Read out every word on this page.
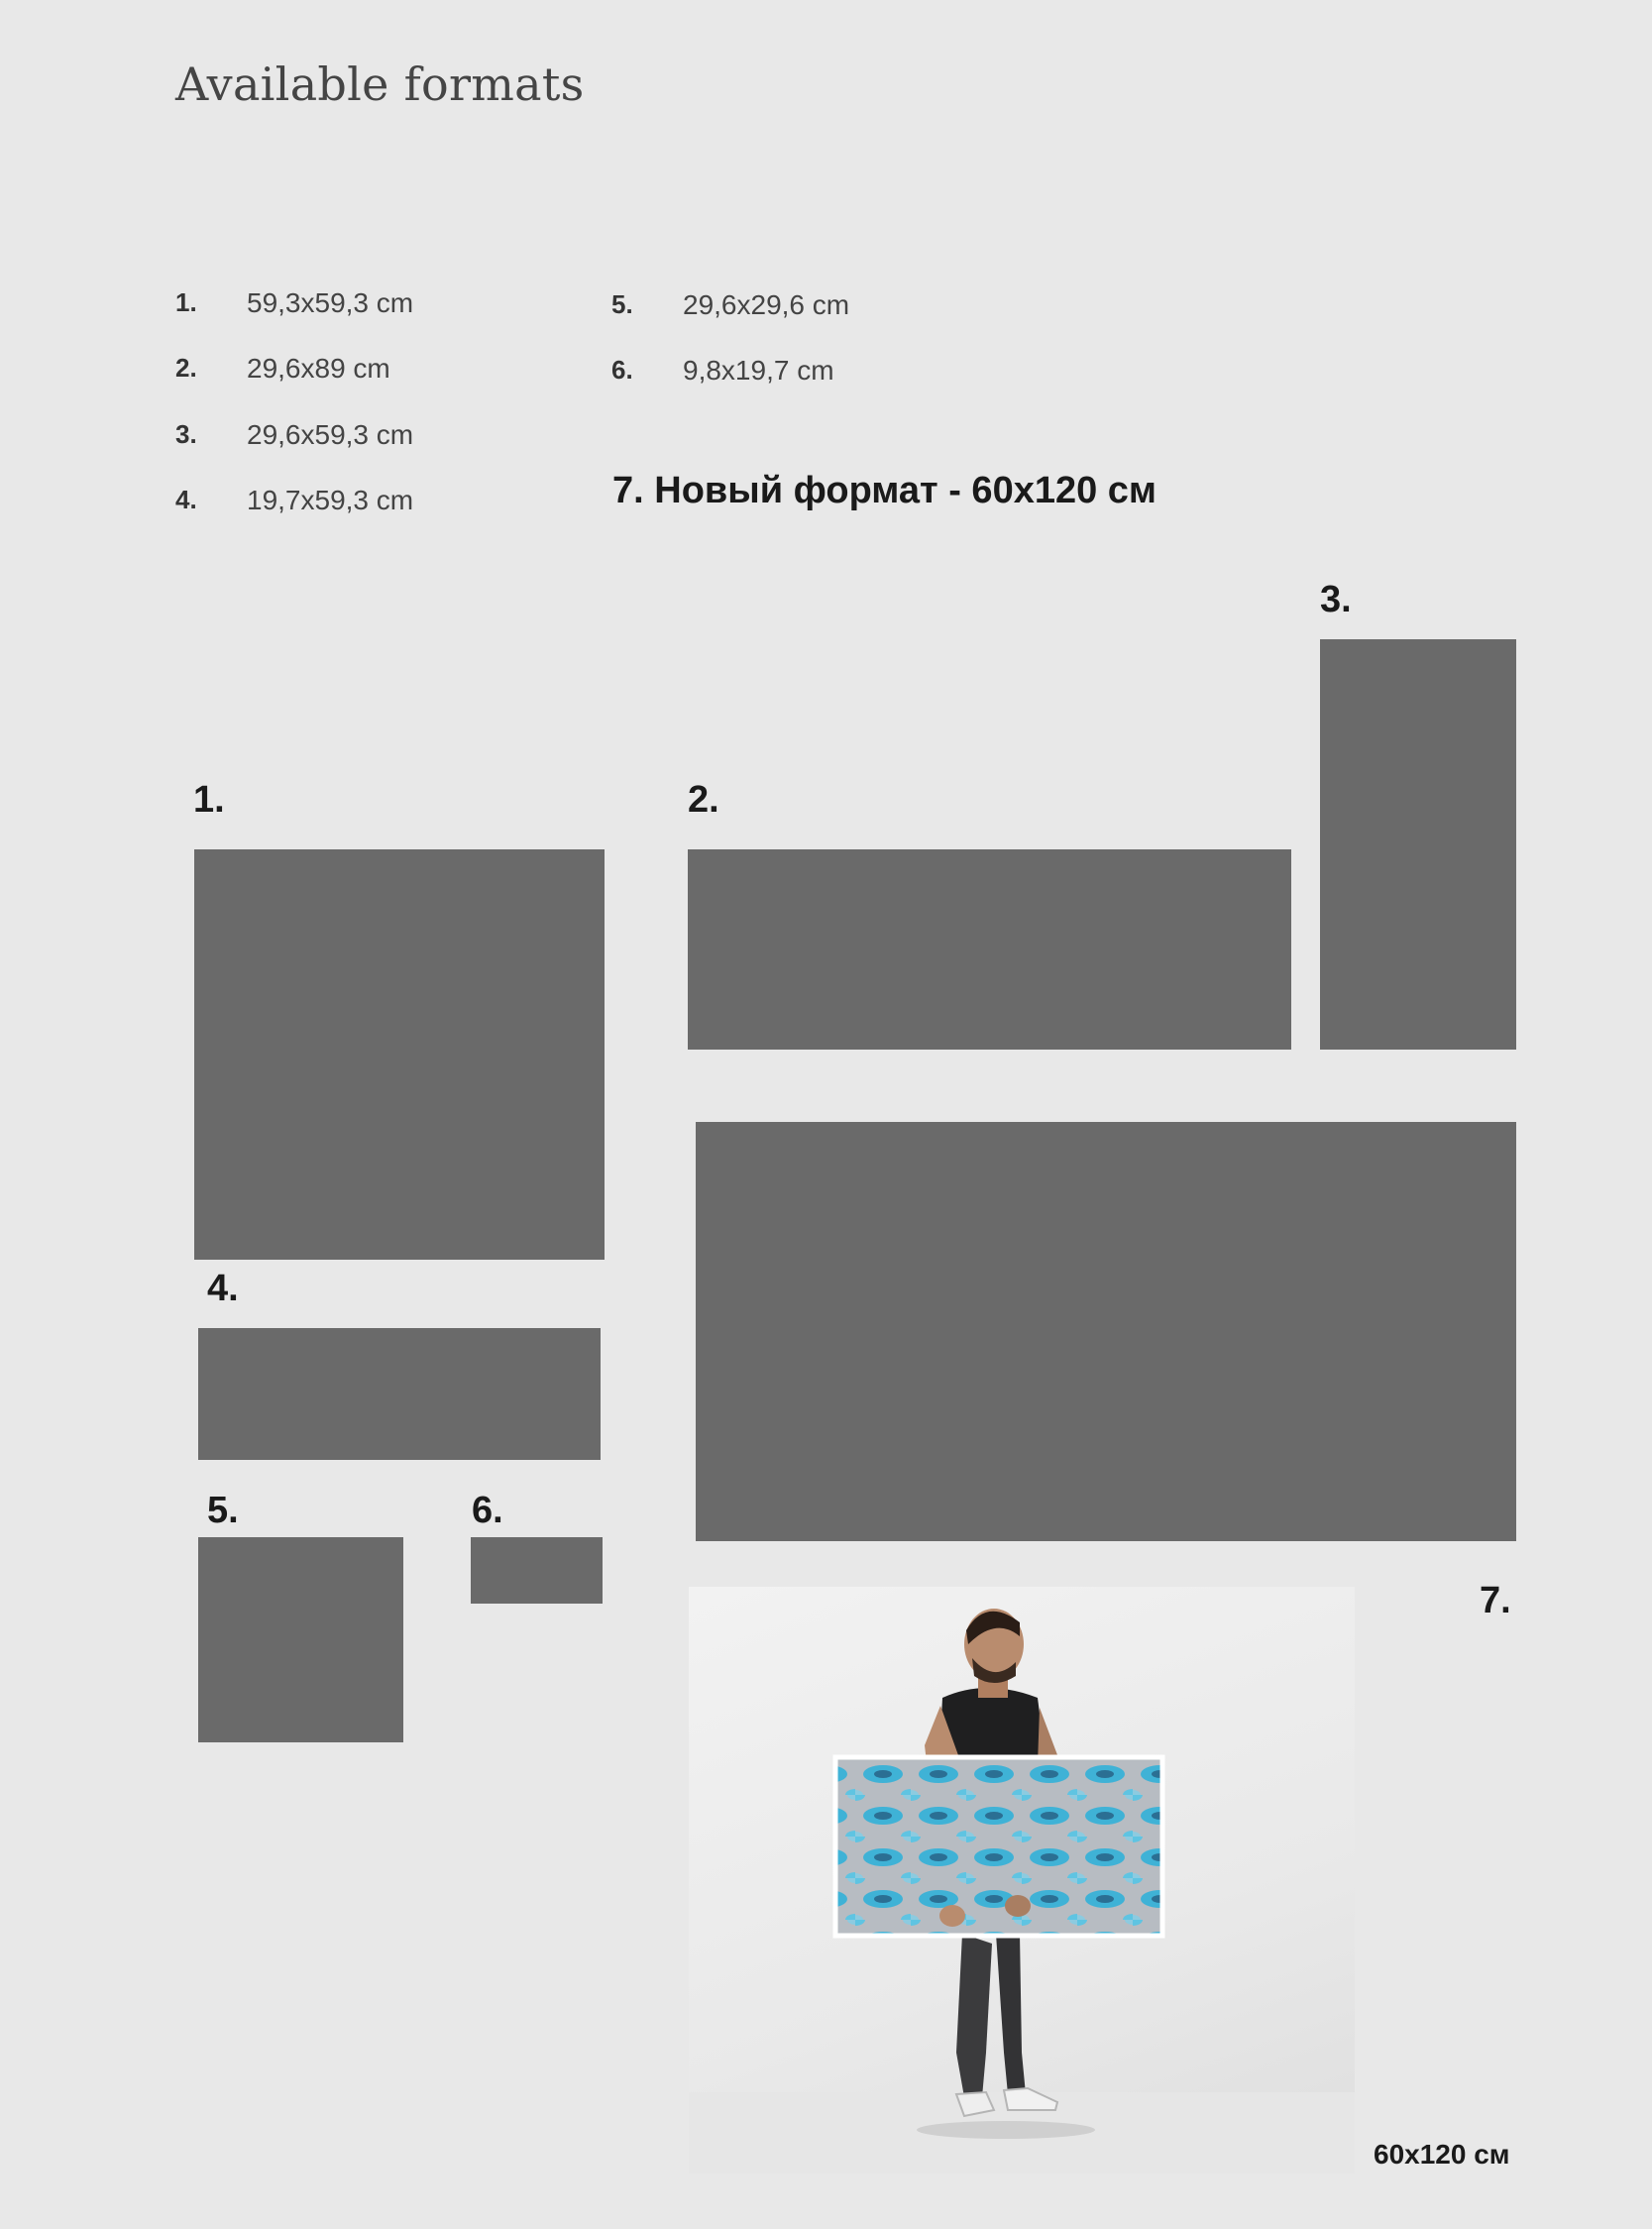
Available formats
1. 59,3x59,3 cm
2. 29,6x89 cm
3. 29,6x59,3 cm
4. 19,7x59,3 cm
5. 29,6x29,6 cm
6. 9,8x19,7 cm
7. Новый формат - 60x120 см
3.
1.	2.
4.
5.	6.
7.
60x120 см
